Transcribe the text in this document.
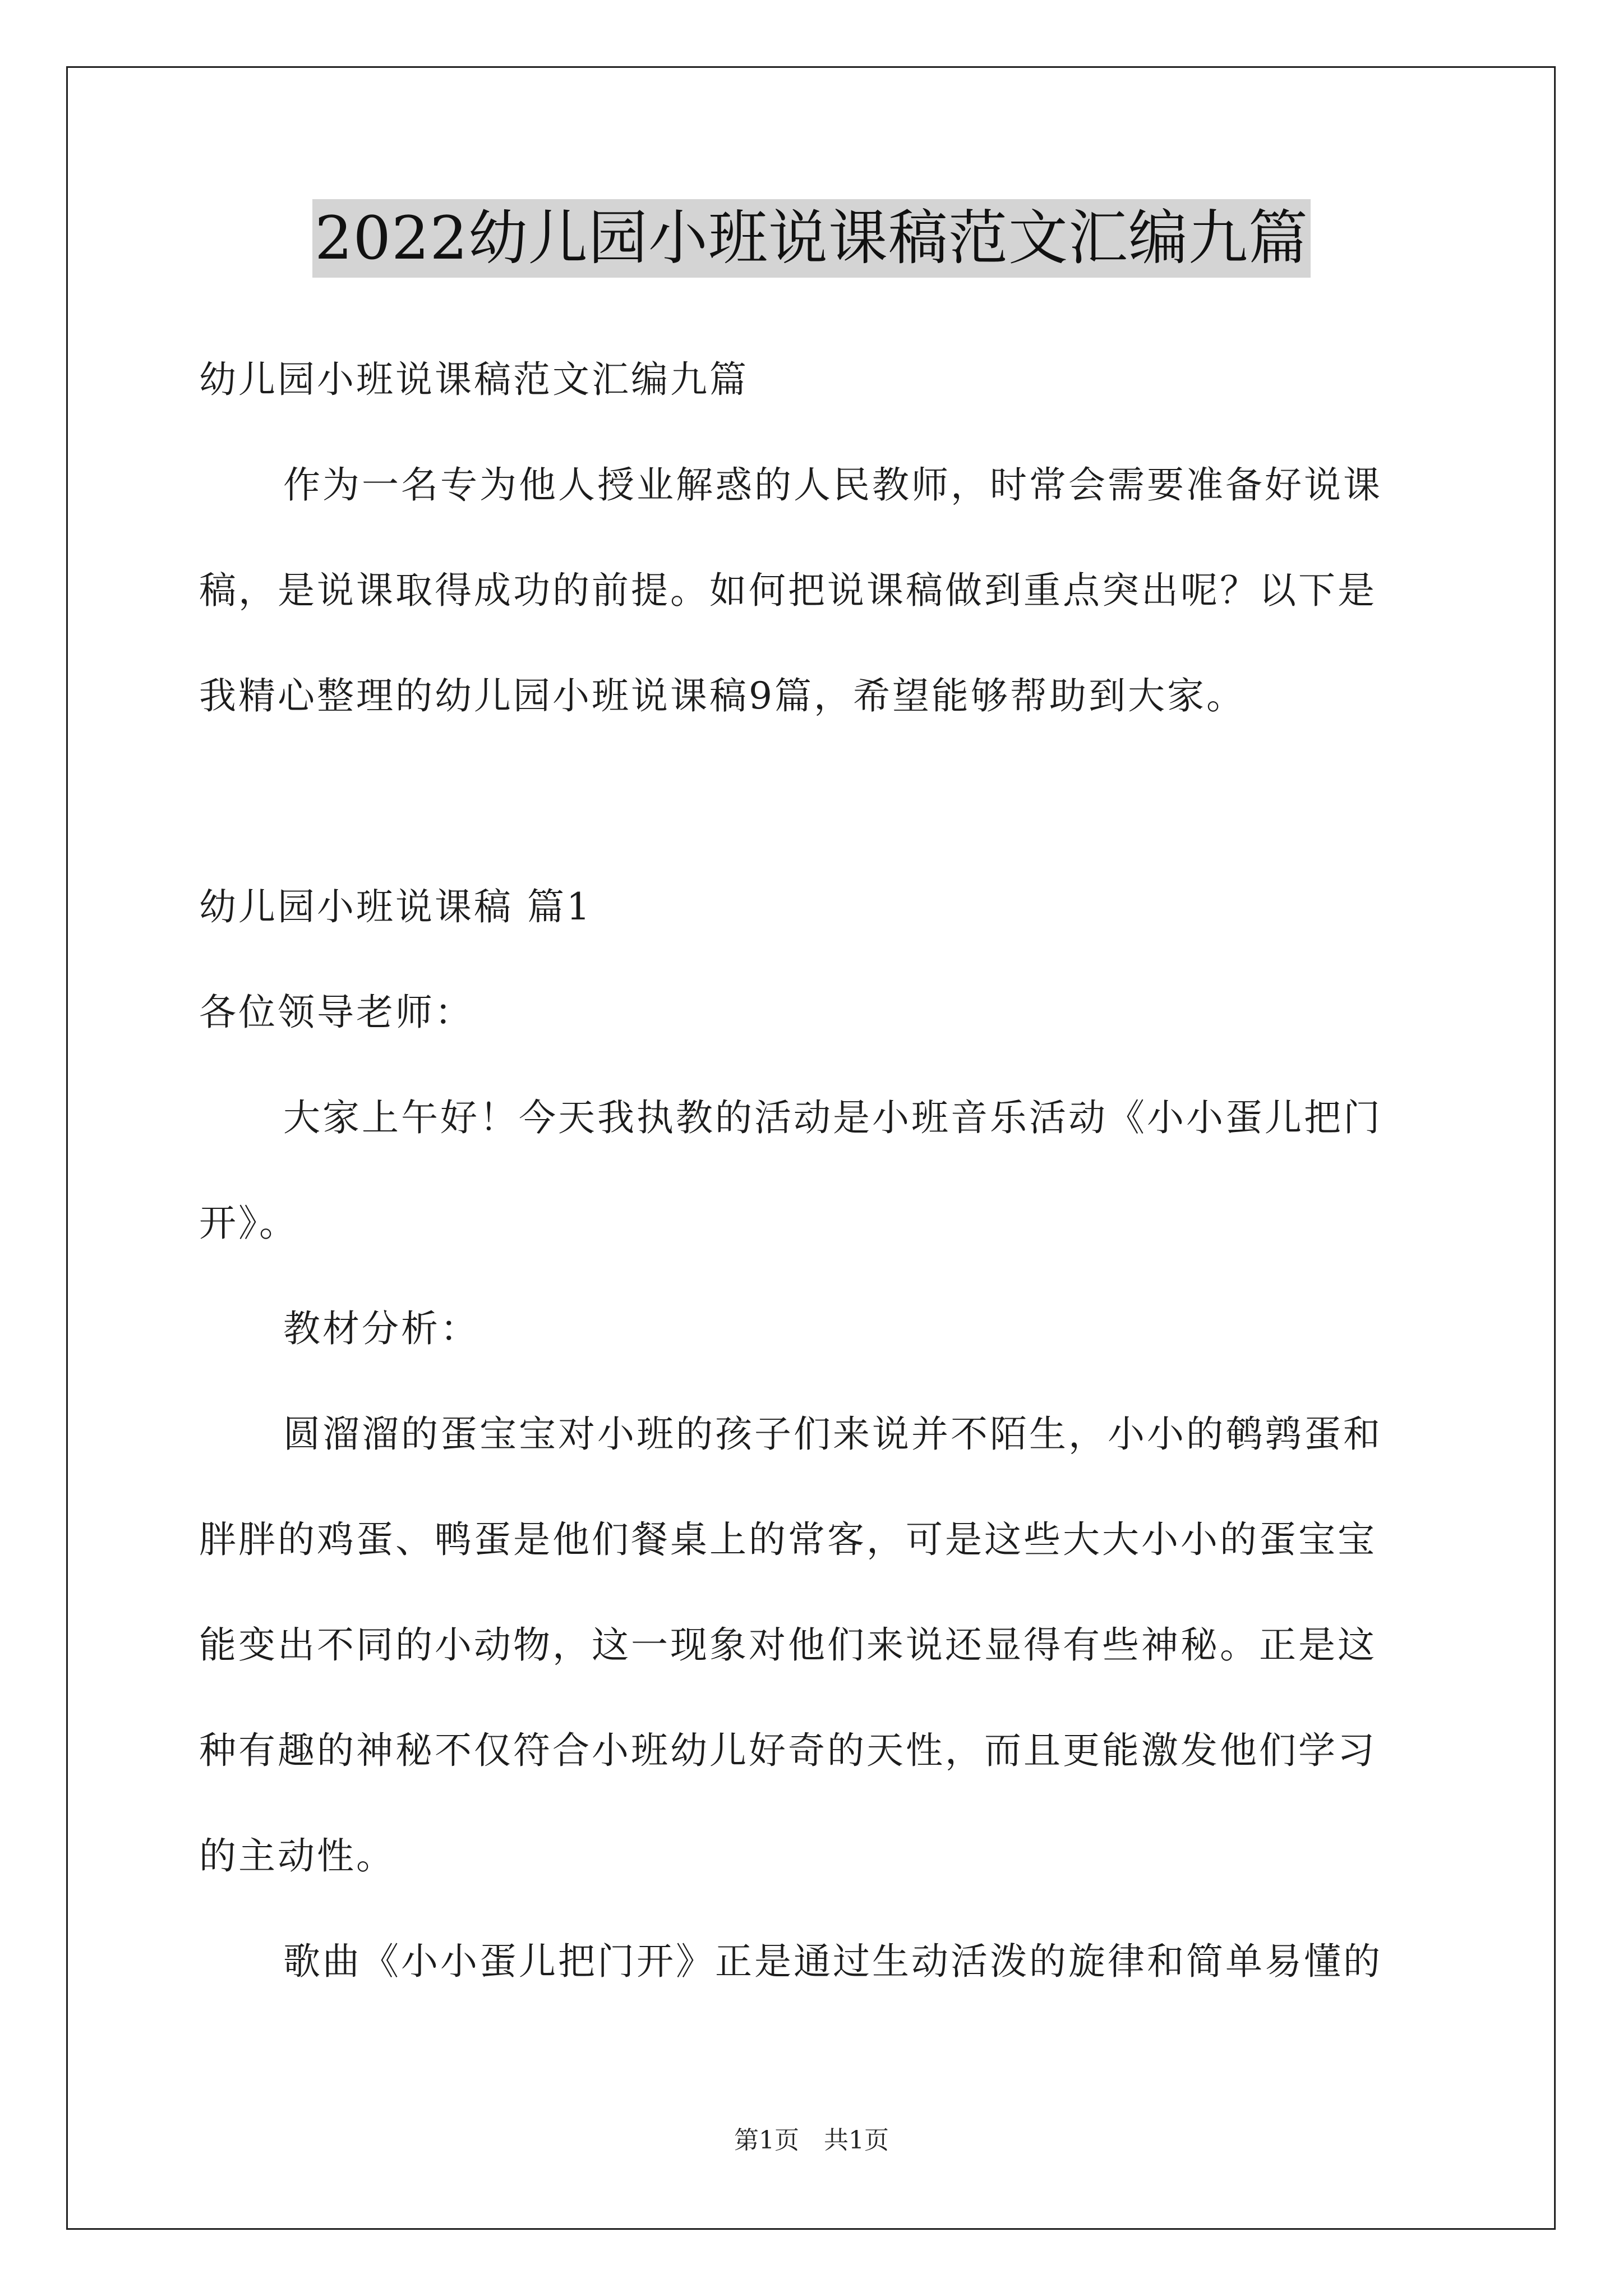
2022幼儿园小班说课稿范文汇编九篇
幼儿园小班说课稿范文汇编九篇
作为一名专为他人授业解惑的人民教师，时常会需要准备好说课
稿，是说课取得成功的前提。如何把说课稿做到重点突出呢？以下是
我精心整理的幼儿园小班说课稿9篇，希望能够帮助到大家。
幼儿园小班说课稿 篇1
各位领导老师：
大家上午好！今天我执教的活动是小班音乐活动《小小蛋儿把门
开》。
教材分析：
圆溜溜的蛋宝宝对小班的孩子们来说并不陌生，小小的鹌鹑蛋和
胖胖的鸡蛋、鸭蛋是他们餐桌上的常客，可是这些大大小小的蛋宝宝
能变出不同的小动物，这一现象对他们来说还显得有些神秘。正是这
种有趣的神秘不仅符合小班幼儿好奇的天性，而且更能激发他们学习
的主动性。
歌曲《小小蛋儿把门开》正是通过生动活泼的旋律和简单易懂的
第1页　共1页
